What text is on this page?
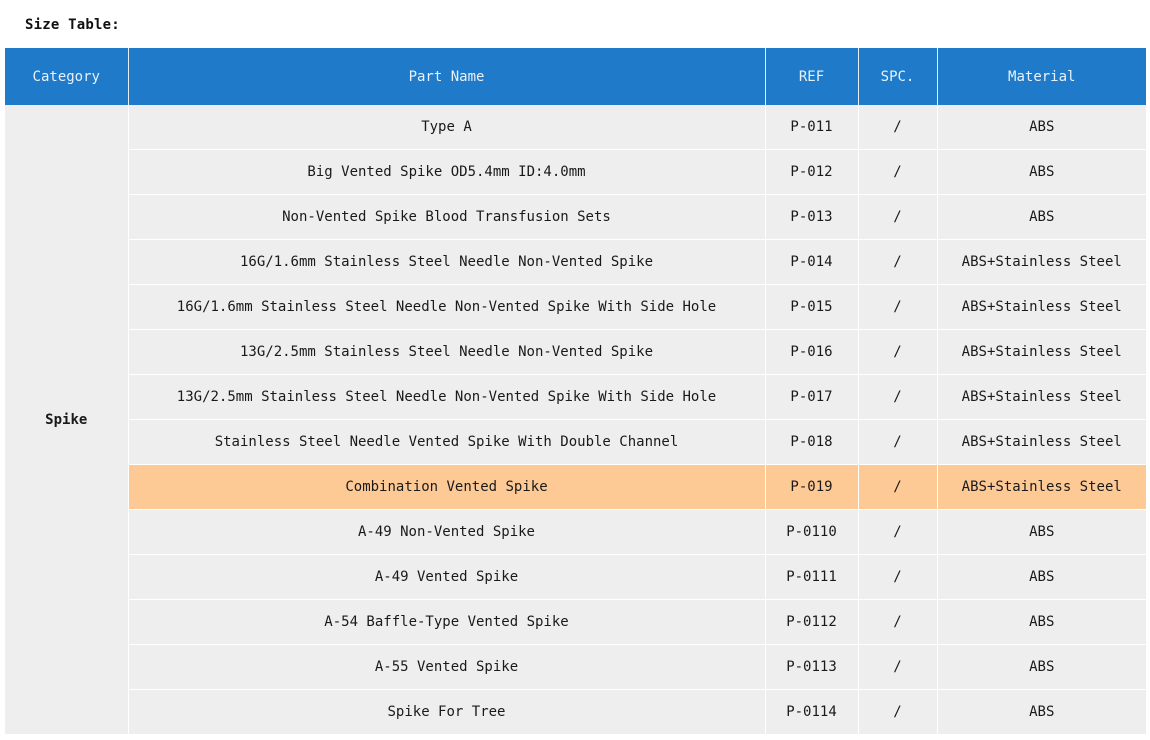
Size Table:
Category	Part Name	REF	SPC.	Material
Spike	Type A	P-011	/	ABS
	Big Vented Spike OD5.4mm ID:4.0mm	P-012	/	ABS
	Non-Vented Spike Blood Transfusion Sets	P-013	/	ABS
	16G/1.6mm Stainless Steel Needle Non-Vented Spike	P-014	/	ABS+Stainless Steel
	16G/1.6mm Stainless Steel Needle Non-Vented Spike With Side Hole	P-015	/	ABS+Stainless Steel
	13G/2.5mm Stainless Steel Needle Non-Vented Spike	P-016	/	ABS+Stainless Steel
	13G/2.5mm Stainless Steel Needle Non-Vented Spike With Side Hole	P-017	/	ABS+Stainless Steel
	Stainless Steel Needle Vented Spike With Double Channel	P-018	/	ABS+Stainless Steel
	Combination Vented Spike	P-019	/	ABS+Stainless Steel
	A-49 Non-Vented Spike	P-0110	/	ABS
	A-49 Vented Spike	P-0111	/	ABS
	A-54 Baffle-Type Vented Spike	P-0112	/	ABS
	A-55 Vented Spike	P-0113	/	ABS
	Spike For Tree	P-0114	/	ABS
